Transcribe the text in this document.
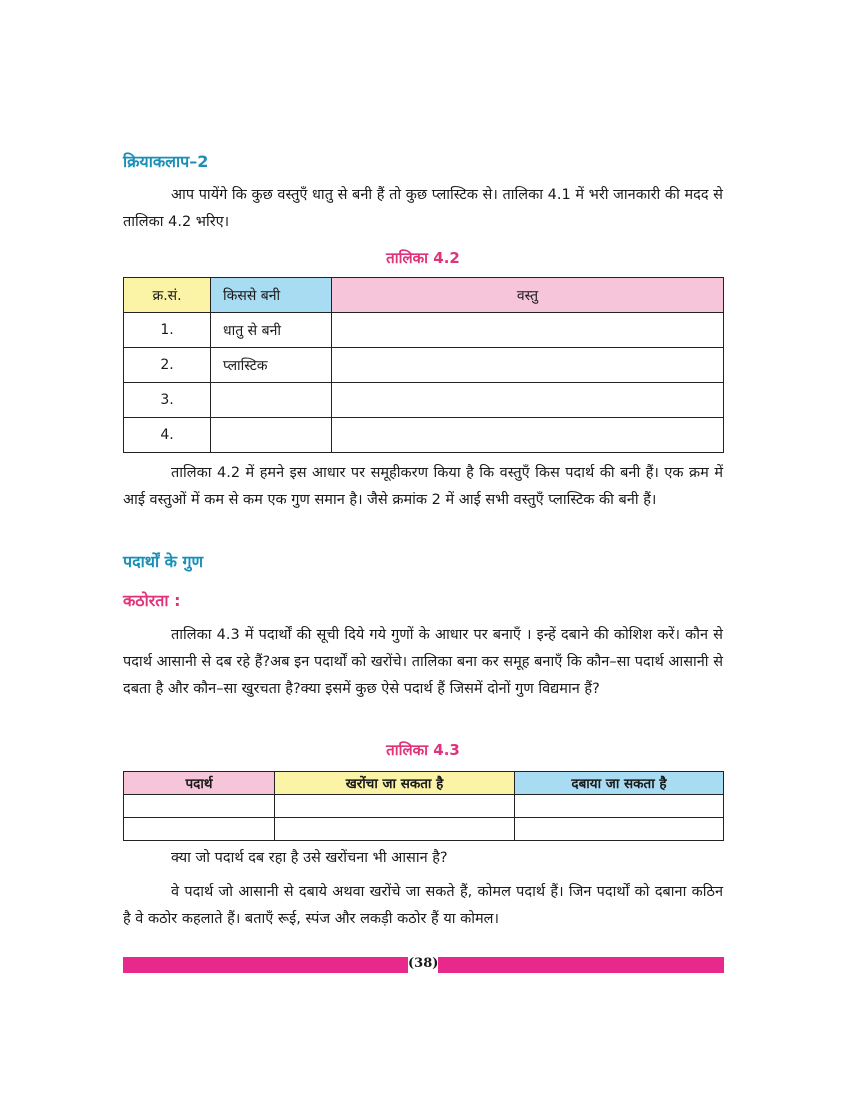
क्रियाकलाप–2
आप पायेंगे कि कुछ वस्तुएँ धातु से बनी हैं तो कुछ प्लास्टिक से। तालिका 4.1 में भरी जानकारी की मदद से तालिका 4.2 भरिए।
तालिका 4.2
क्र.सं.	किससे बनी	वस्तु
1.	धातु से बनी	
2.	प्लास्टिक	
3.		
4.		
तालिका 4.2 में हमने इस आधार पर समूहीकरण किया है कि वस्तुएँ किस पदार्थ की बनी हैं। एक क्रम में आई वस्तुओं में कम से कम एक गुण समान है। जैसे क्रमांक 2 में आई सभी वस्तुएँ प्लास्टिक की बनी हैं।
पदार्थों के गुण
कठोरता :
तालिका 4.3 में पदार्थों की सूची दिये गये गुणों के आधार पर बनाएँ । इन्हें दबाने की कोशिश करें। कौन से पदार्थ आसानी से दब रहे हैं?अब इन पदार्थों को खरोंचे। तालिका बना कर समूह बनाएँ कि कौन–सा पदार्थ आसानी से दबता है और कौन–सा खुरचता है?क्या इसमें कुछ ऐसे पदार्थ हैं जिसमें दोनों गुण विद्यमान हैं?
तालिका 4.3
पदार्थ	खरोंचा जा सकता है	दबाया जा सकता है

क्या जो पदार्थ दब रहा है उसे खरोंचना भी आसान है?
वे पदार्थ जो आसानी से दबाये अथवा खरोंचे जा सकते हैं, कोमल पदार्थ हैं। जिन पदार्थों को दबाना कठिन है वे कठोर कहलाते हैं। बताएँ रूई, स्पंज और लकड़ी कठोर हैं या कोमल।
(38)
